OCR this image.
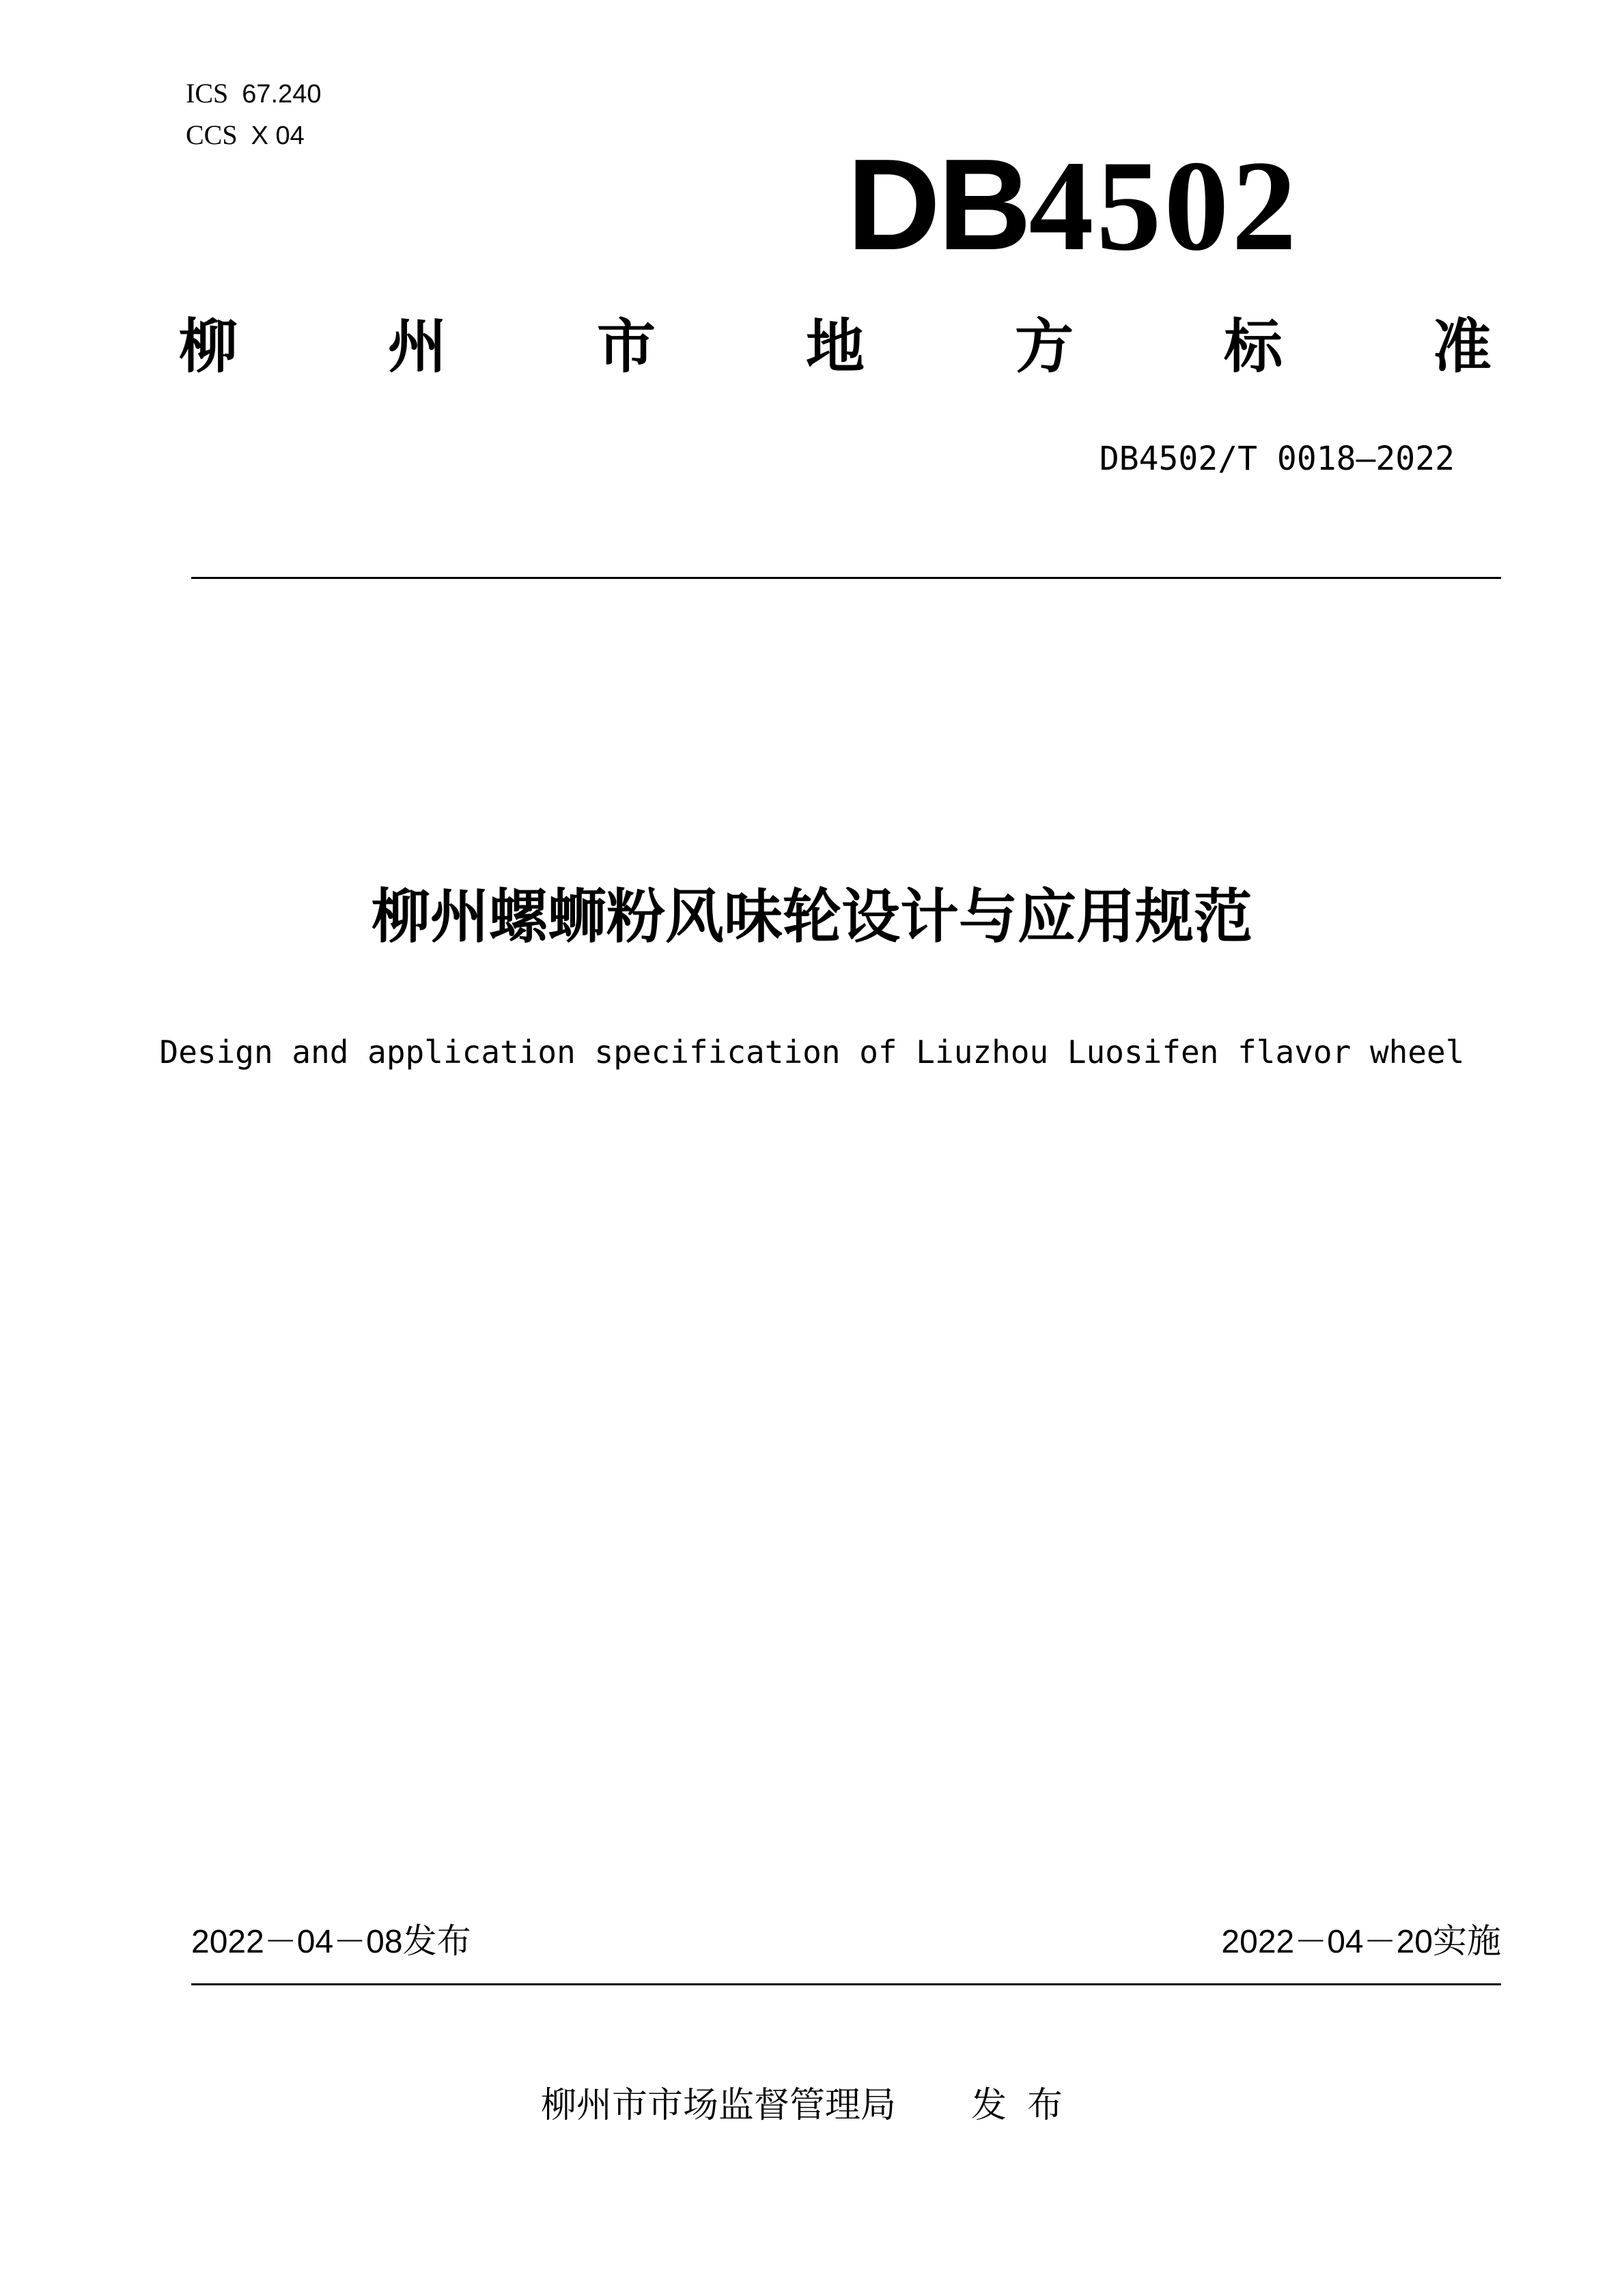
ICS 67.240
CCS X 04	DB4502
柳	州	市	地	方	标	准
DB4502/T 0018—2022
柳州螺蛳粉风味轮设计与应用规范
Design and application specification of Liuzhou Luosifen flavor wheel
2022－04－08发布	2022－04－20实施
柳州市市场监督管理局 发布
